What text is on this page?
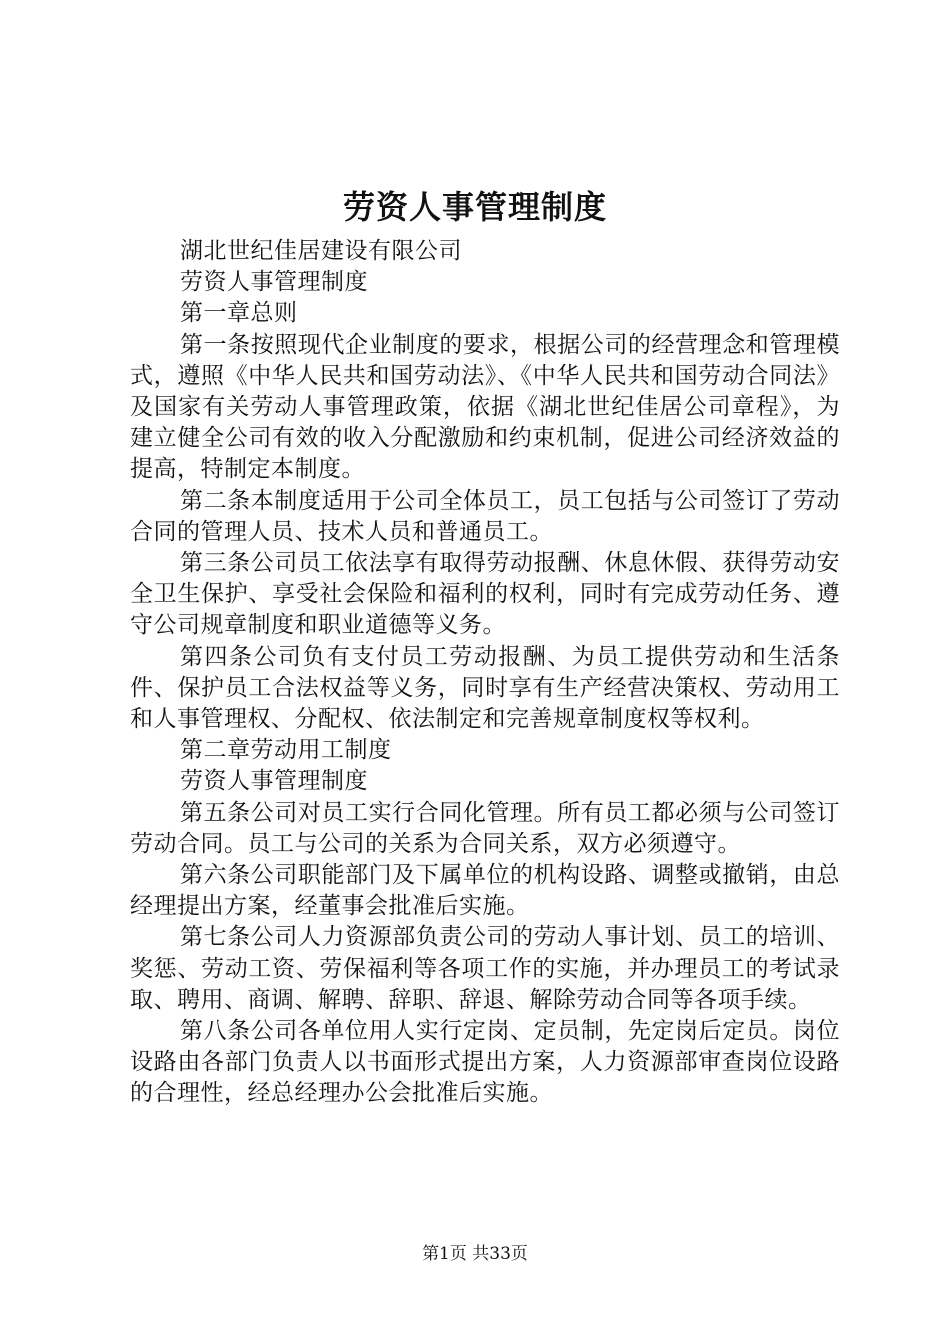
劳资人事管理制度

湖北世纪佳居建设有限公司

劳资人事管理制度

第一章总则

第一条按照现代企业制度的要求，根据公司的经营理念和管理模式，遵照《中华人民共和国劳动法》、《中华人民共和国劳动合同法》及国家有关劳动人事管理政策，依据《湖北世纪佳居公司章程》，为建立健全公司有效的收入分配激励和约束机制，促进公司经济效益的提高，特制定本制度。

第二条本制度适用于公司全体员工，员工包括与公司签订了劳动合同的管理人员、技术人员和普通员工。

第三条公司员工依法享有取得劳动报酬、休息休假、获得劳动安全卫生保护、享受社会保险和福利的权利，同时有完成劳动任务、遵守公司规章制度和职业道德等义务。

第四条公司负有支付员工劳动报酬、为员工提供劳动和生活条件、保护员工合法权益等义务，同时享有生产经营决策权、劳动用工和人事管理权、分配权、依法制定和完善规章制度权等权利。

第二章劳动用工制度

劳资人事管理制度

第五条公司对员工实行合同化管理。所有员工都必须与公司签订劳动合同。员工与公司的关系为合同关系，双方必须遵守。

第六条公司职能部门及下属单位的机构设路、调整或撤销，由总经理提出方案，经董事会批准后实施。

第七条公司人力资源部负责公司的劳动人事计划、员工的培训、奖惩、劳动工资、劳保福利等各项工作的实施，并办理员工的考试录取、聘用、商调、解聘、辞职、辞退、解除劳动合同等各项手续。

第八条公司各单位用人实行定岗、定员制，先定岗后定员。岗位设路由各部门负责人以书面形式提出方案，人力资源部审查岗位设路的合理性，经总经理办公会批准后实施。

第1页 共33页
